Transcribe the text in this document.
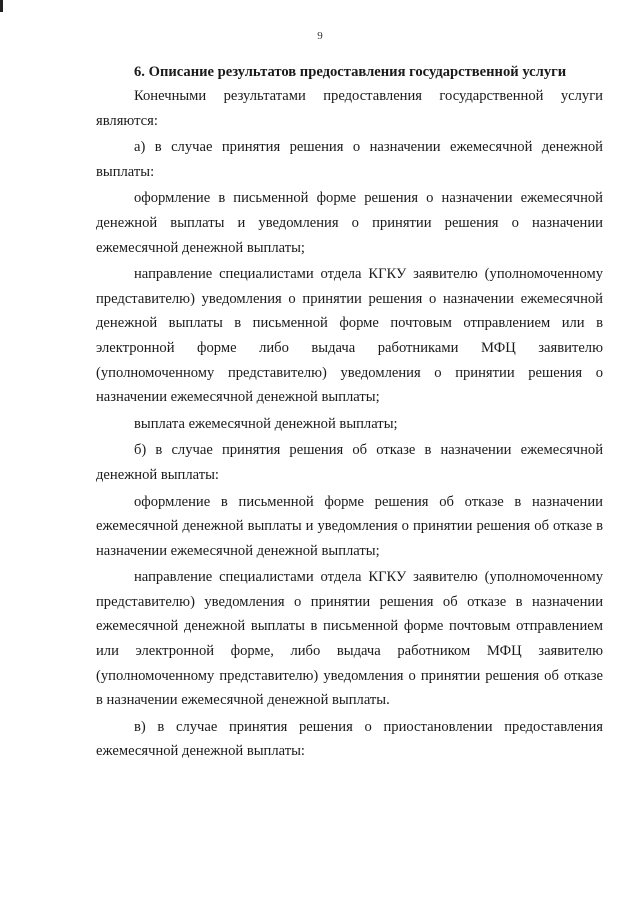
9

6. Описание результатов предоставления государственной услуги

Конечными результатами предоставления государственной услуги являются:

а) в случае принятия решения о назначении ежемесячной денежной выплаты:

оформление в письменной форме решения о назначении ежемесячной денежной выплаты и уведомления о принятии решения о назначении ежемесячной денежной выплаты;

направление специалистами отдела КГКУ заявителю (уполномоченному представителю) уведомления о принятии решения о назначении ежемесячной денежной выплаты в письменной форме почтовым отправлением или в электронной форме либо выдача работниками МФЦ заявителю (уполномоченному представителю) уведомления о принятии решения о назначении ежемесячной денежной выплаты;

выплата ежемесячной денежной выплаты;

б) в случае принятия решения об отказе в назначении ежемесячной денежной выплаты:

оформление в письменной форме решения об отказе в назначении ежемесячной денежной выплаты и уведомления о принятии решения об отказе в назначении ежемесячной денежной выплаты;

направление специалистами отдела КГКУ заявителю (уполномоченному представителю) уведомления о принятии решения об отказе в назначении ежемесячной денежной выплаты в письменной форме почтовым отправлением или электронной форме, либо выдача работником МФЦ заявителю (уполномоченному представителю) уведомления о принятии решения об отказе в назначении ежемесячной денежной выплаты.

в) в случае принятия решения о приостановлении предоставления ежемесячной денежной выплаты:
